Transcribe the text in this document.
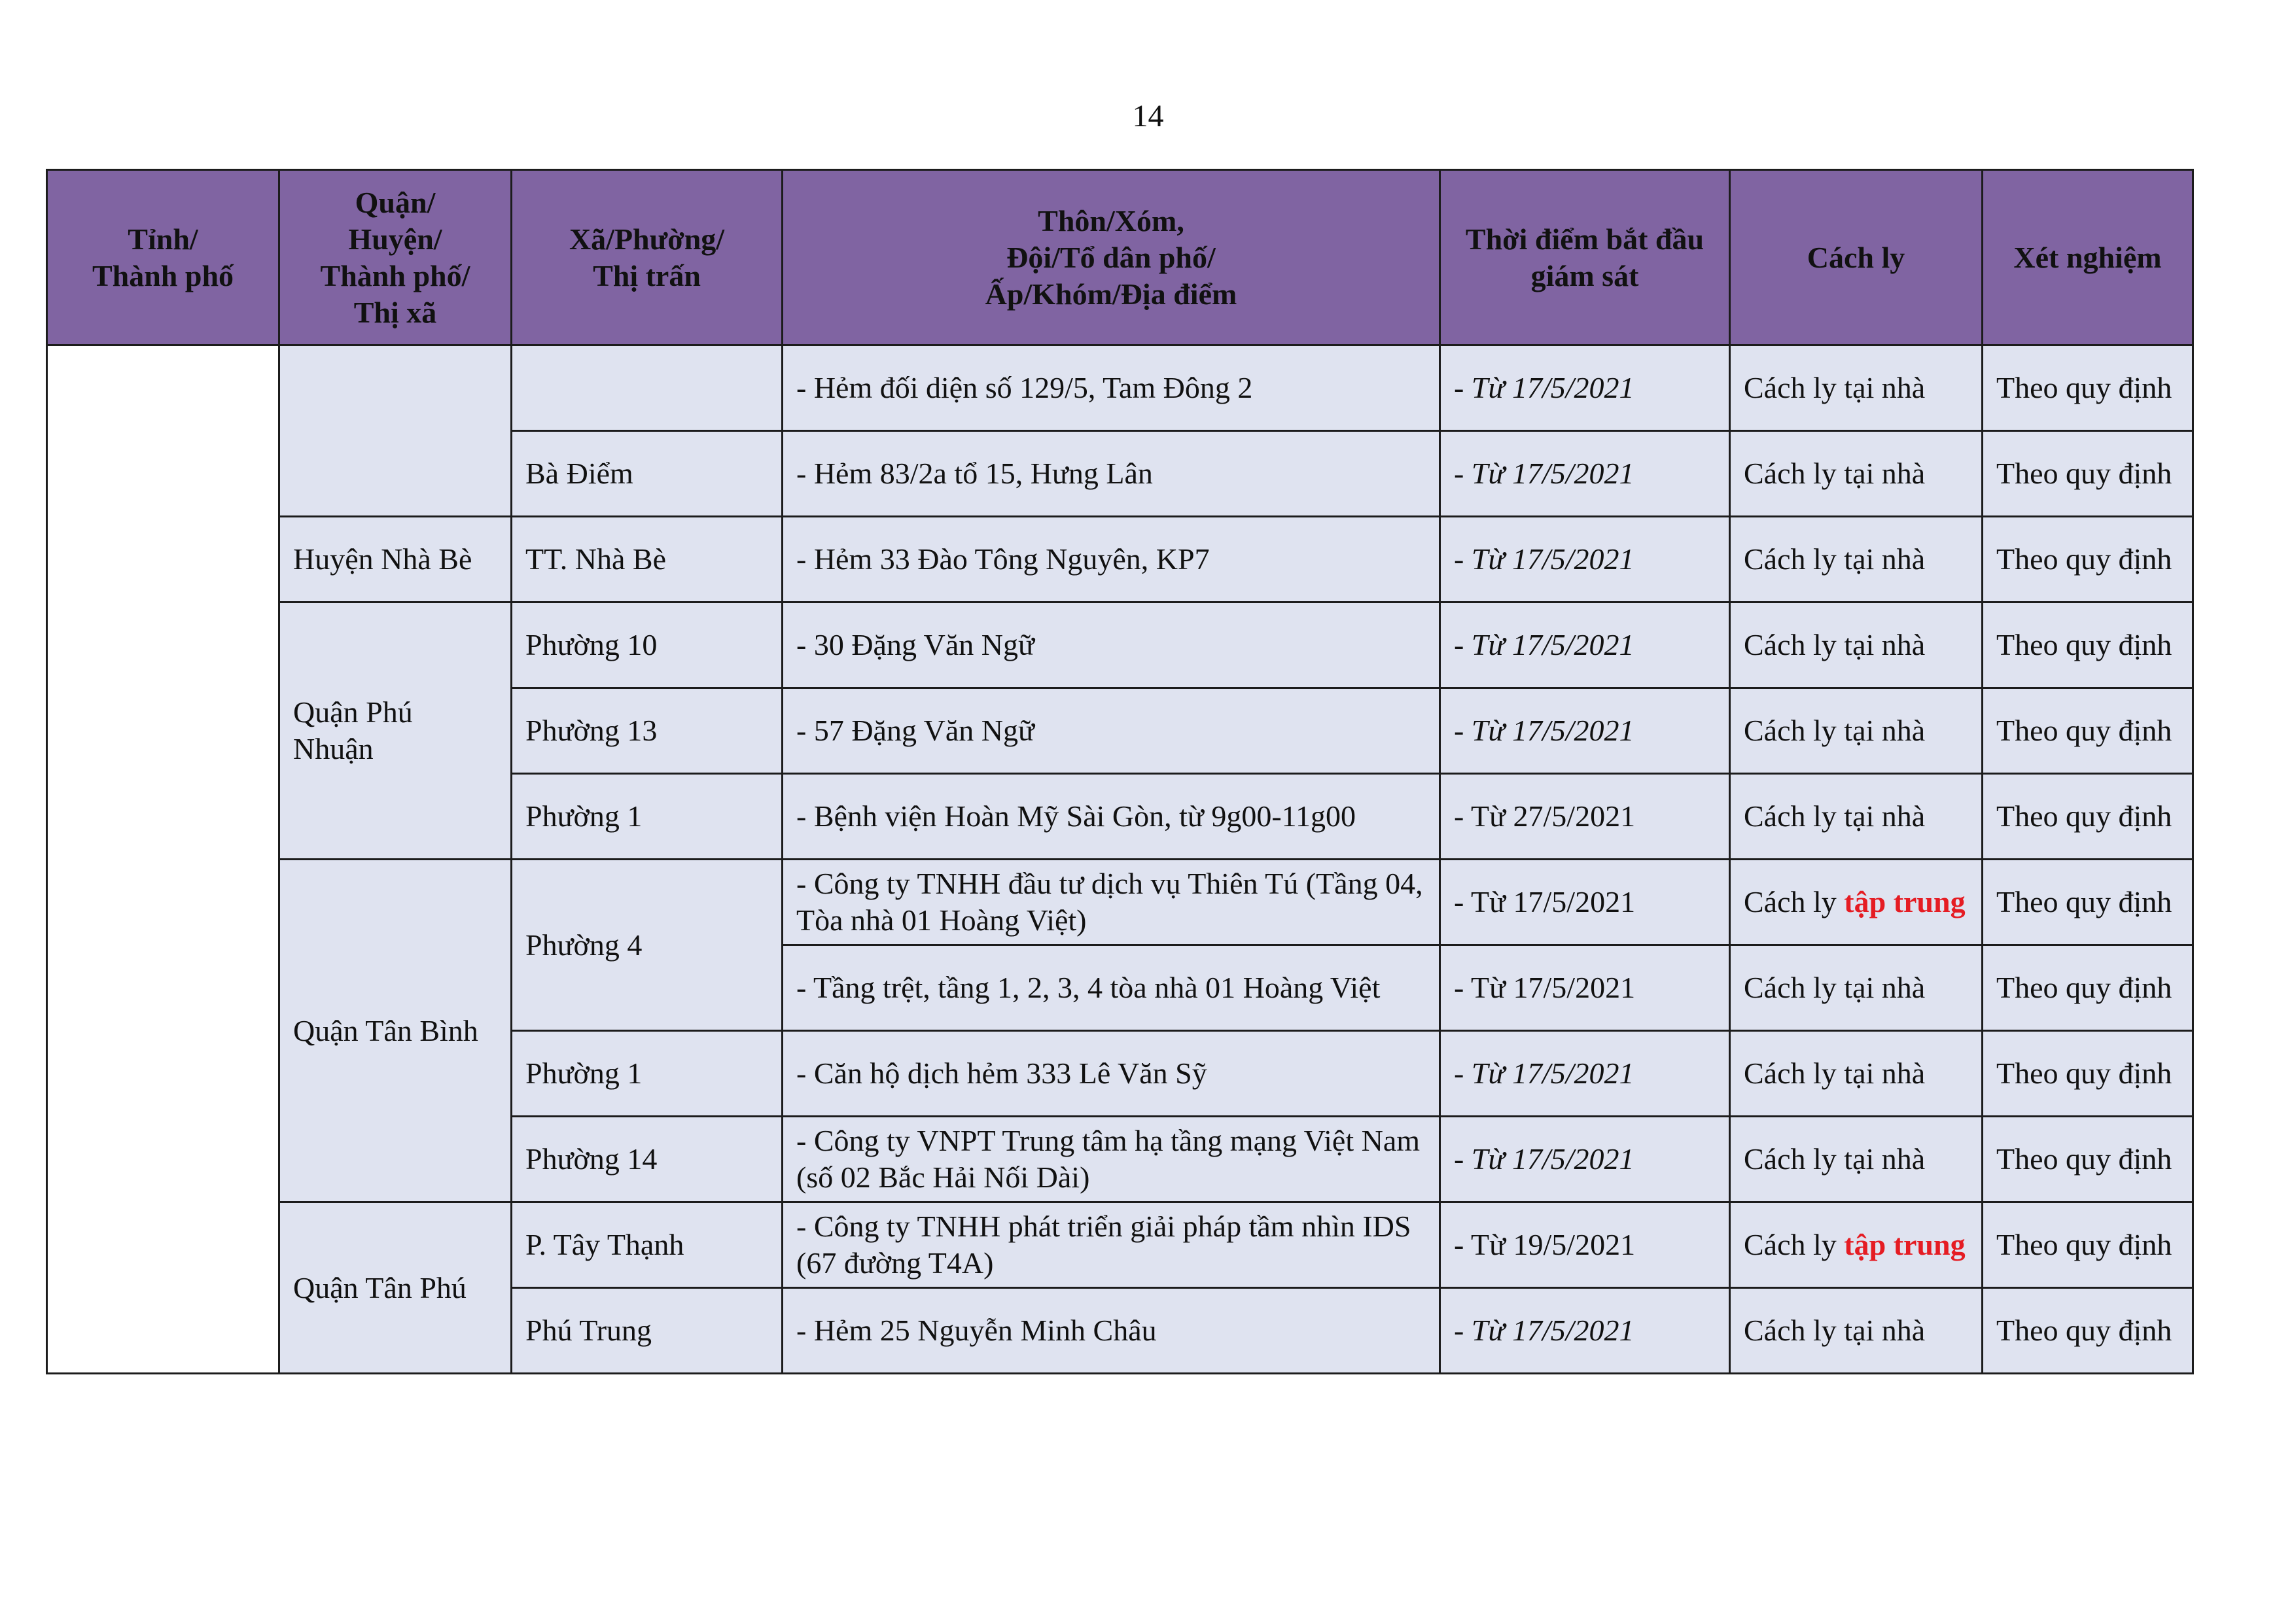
14
Tỉnh/
Thành phố	Quận/
Huyện/
Thành phố/
Thị xã	Xã/Phường/
Thị trấn	Thôn/Xóm,
Đội/Tổ dân phố/
Ấp/Khóm/Địa điểm	Thời điểm bắt đầu
giám sát	Cách ly	Xét nghiệm
			- Hẻm đối diện số 129/5, Tam Đông 2	- Từ 17/5/2021	Cách ly tại nhà	Theo quy định
		Bà Điểm	- Hẻm 83/2a tổ 15, Hưng Lân	- Từ 17/5/2021	Cách ly tại nhà	Theo quy định
	Huyện Nhà Bè	TT. Nhà Bè	- Hẻm 33 Đào Tông Nguyên, KP7	- Từ 17/5/2021	Cách ly tại nhà	Theo quy định
	Quận Phú Nhuận	Phường 10	- 30 Đặng Văn Ngữ	- Từ 17/5/2021	Cách ly tại nhà	Theo quy định
		Phường 13	- 57 Đặng Văn Ngữ	- Từ 17/5/2021	Cách ly tại nhà	Theo quy định
		Phường 1	- Bệnh viện Hoàn Mỹ Sài Gòn, từ 9g00-11g00	- Từ 27/5/2021	Cách ly tại nhà	Theo quy định
	Quận Tân Bình	Phường 4	- Công ty TNHH đầu tư dịch vụ Thiên Tú (Tầng 04, Tòa nhà 01 Hoàng Việt)	- Từ 17/5/2021	Cách ly tập trung	Theo quy định
			- Tầng trệt, tầng 1, 2, 3, 4 tòa nhà 01 Hoàng Việt	- Từ 17/5/2021	Cách ly tại nhà	Theo quy định
		Phường 1	- Căn hộ dịch hẻm 333 Lê Văn Sỹ	- Từ 17/5/2021	Cách ly tại nhà	Theo quy định
		Phường 14	- Công ty VNPT Trung tâm hạ tầng mạng Việt Nam (số 02 Bắc Hải Nối Dài)	- Từ 17/5/2021	Cách ly tại nhà	Theo quy định
	Quận Tân Phú	P. Tây Thạnh	- Công ty TNHH phát triển giải pháp tầm nhìn IDS (67 đường T4A)	- Từ 19/5/2021	Cách ly tập trung	Theo quy định
		Phú Trung	- Hẻm 25 Nguyễn Minh Châu	- Từ 17/5/2021	Cách ly tại nhà	Theo quy định
